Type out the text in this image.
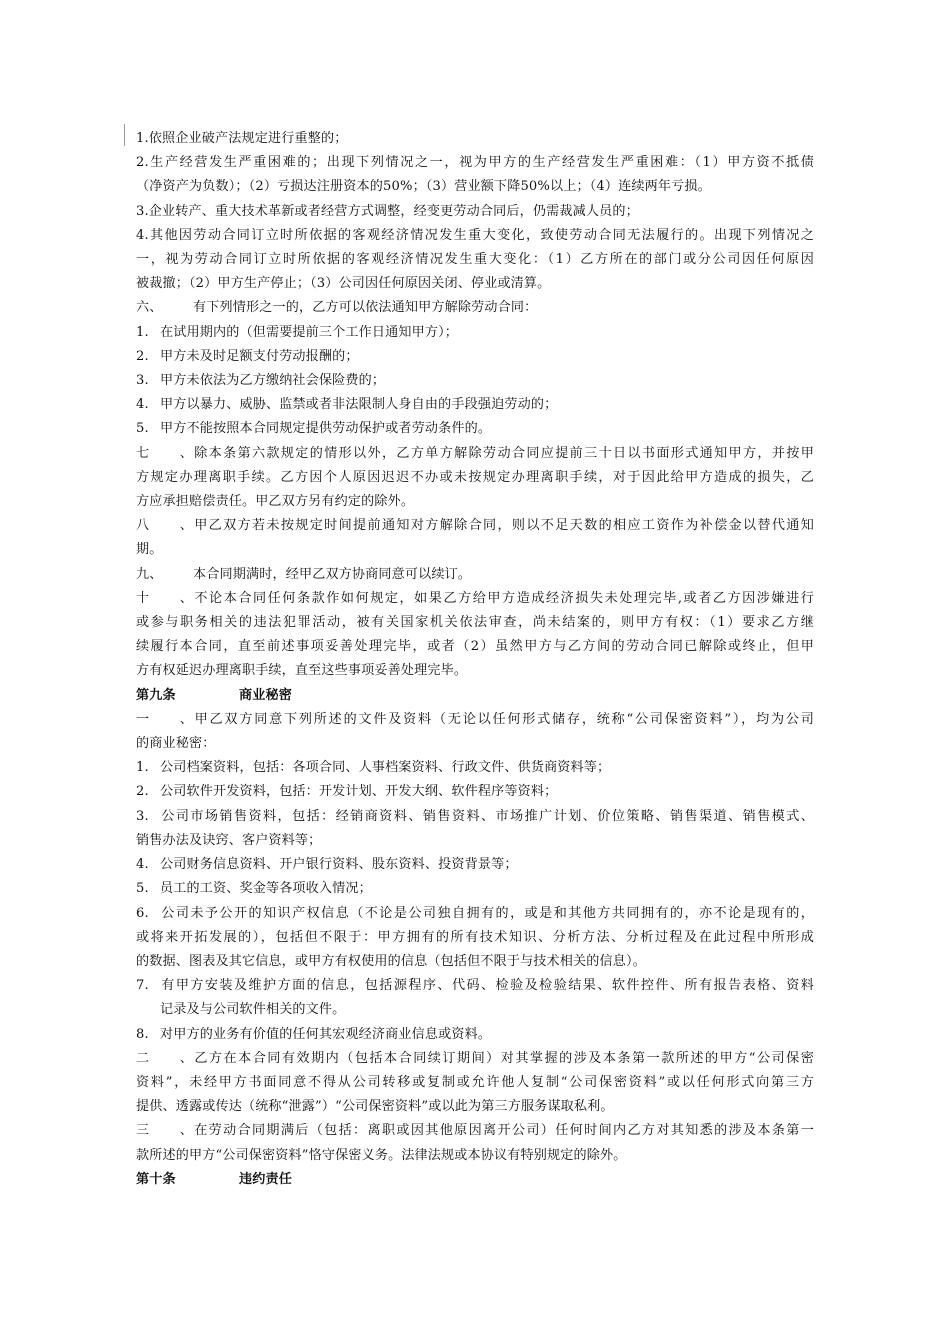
1.依照企业破产法规定进行重整的；
2.生产经营发生严重困难的；出现下列情况之一，视为甲方的生产经营发生严重困难：（1）甲方资不抵债
（净资产为负数）；（2）亏损达注册资本的50%；（3）营业额下降50%以上；（4）连续两年亏损。
3.企业转产、重大技术革新或者经营方式调整，经变更劳动合同后，仍需裁减人员的；
4.其他因劳动合同订立时所依据的客观经济情况发生重大变化，致使劳动合同无法履行的。出现下列情况之
一，视为劳动合同订立时所依据的客观经济情况发生重大变化：（1）乙方所在的部门或分公司因任何原因
被裁撤；（2）甲方生产停止；（3）公司因任何原因关闭、停业或清算。
六、 有下列情形之一的，乙方可以依法通知甲方解除劳动合同：
1. 在试用期内的（但需要提前三个工作日通知甲方）；
2. 甲方未及时足额支付劳动报酬的；
3. 甲方未依法为乙方缴纳社会保险费的；
4. 甲方以暴力、威胁、监禁或者非法限制人身自由的手段强迫劳动的；
5. 甲方不能按照本合同规定提供劳动保护或者劳动条件的。
七、除本条第六款规定的情形以外，乙方单方解除劳动合同应提前三十日以书面形式通知甲方，并按甲
方规定办理离职手续。乙方因个人原因迟迟不办或未按规定办理离职手续，对于因此给甲方造成的损失，乙
方应承担赔偿责任。甲乙双方另有约定的除外。
八、甲乙双方若未按规定时间提前通知对方解除合同，则以不足天数的相应工资作为补偿金以替代通知
期。
九、 本合同期满时，经甲乙双方协商同意可以续订。
十、不论本合同任何条款作如何规定，如果乙方给甲方造成经济损失未处理完毕,或者乙方因涉嫌进行
或参与职务相关的违法犯罪活动，被有关国家机关依法审查，尚未结案的，则甲方有权：（1）要求乙方继
续履行本合同，直至前述事项妥善处理完毕，或者（2）虽然甲方与乙方间的劳动合同已解除或终止，但甲
方有权延迟办理离职手续，直至这些事项妥善处理完毕。
第九条	商业秘密
一、甲乙双方同意下列所述的文件及资料（无论以任何形式储存，统称“公司保密资料”），均为公司
的商业秘密：
1. 公司档案资料，包括：各项合同、人事档案资料、行政文件、供货商资料等；
2. 公司软件开发资料，包括：开发计划、开发大纲、软件程序等资料；
3. 公司市场销售资料，包括：经销商资料、销售资料、市场推广计划、价位策略、销售渠道、销售模式、
销售办法及诀窍、客户资料等；
4. 公司财务信息资料、开户银行资料、股东资料、投资背景等；
5. 员工的工资、奖金等各项收入情况；
6. 公司未予公开的知识产权信息（不论是公司独自拥有的，或是和其他方共同拥有的，亦不论是现有的，
或将来开拓发展的），包括但不限于：甲方拥有的所有技术知识、分析方法、分析过程及在此过程中所形成
的数据、图表及其它信息，或甲方有权使用的信息（包括但不限于与技术相关的信息）。
7. 有甲方安装及维护方面的信息，包括源程序、代码、检验及检验结果、软件控件、所有报告表格、资料
记录及与公司软件相关的文件。
8. 对甲方的业务有价值的任何其宏观经济商业信息或资料。
二、乙方在本合同有效期内（包括本合同续订期间）对其掌握的涉及本条第一款所述的甲方“公司保密
资料”，未经甲方书面同意不得从公司转移或复制或允许他人复制“公司保密资料”或以任何形式向第三方
提供、透露或传达（统称“泄露”）“公司保密资料”或以此为第三方服务谋取私利。
三、在劳动合同期满后（包括：离职或因其他原因离开公司）任何时间内乙方对其知悉的涉及本条第一
款所述的甲方“公司保密资料”恪守保密义务。法律法规或本协议有特别规定的除外。
第十条	违约责任
